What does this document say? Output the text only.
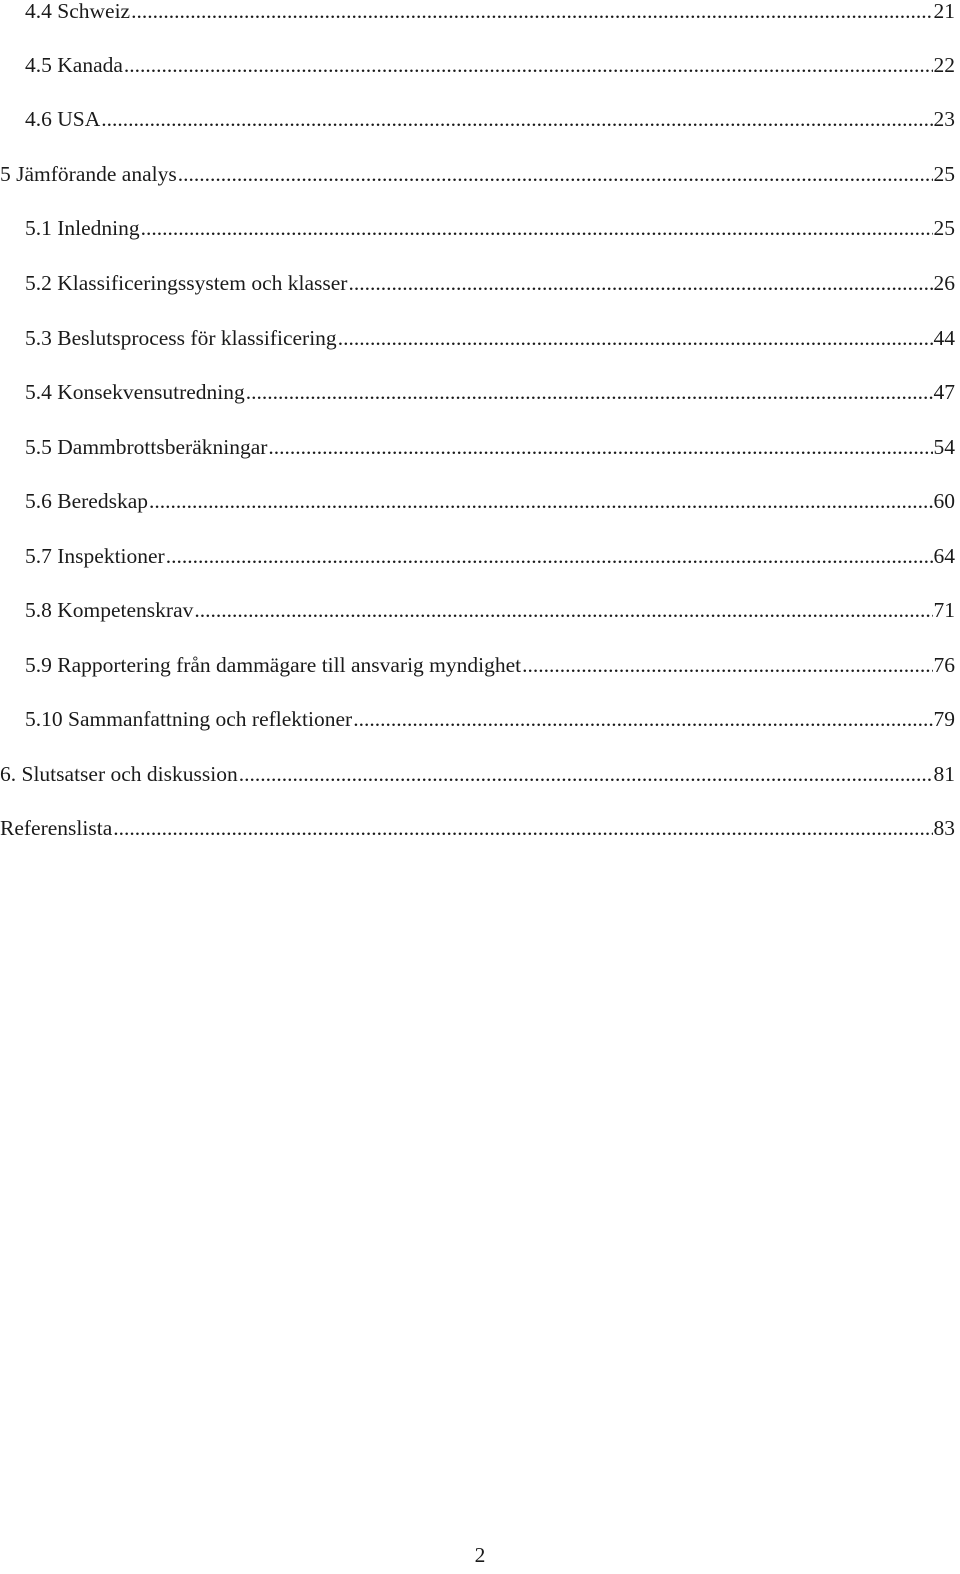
4.4 Schweiz .....	21
4.5 Kanada .....	22
4.6 USA .....	23
5 Jämförande analys .....	25
5.1 Inledning .....	25
5.2 Klassificeringssystem och klasser .....	26
5.3 Beslutsprocess för klassificering .....	44
5.4 Konsekvensutredning .....	47
5.5 Dammbrottsberäkningar .....	54
5.6 Beredskap .....	60
5.7 Inspektioner .....	64
5.8 Kompetenskrav .....	71
5.9 Rapportering från dammägare till ansvarig myndighet .....	76
5.10 Sammanfattning och reflektioner .....	79
6. Slutsatser och diskussion .....	81
Referenslista .....	83
2
